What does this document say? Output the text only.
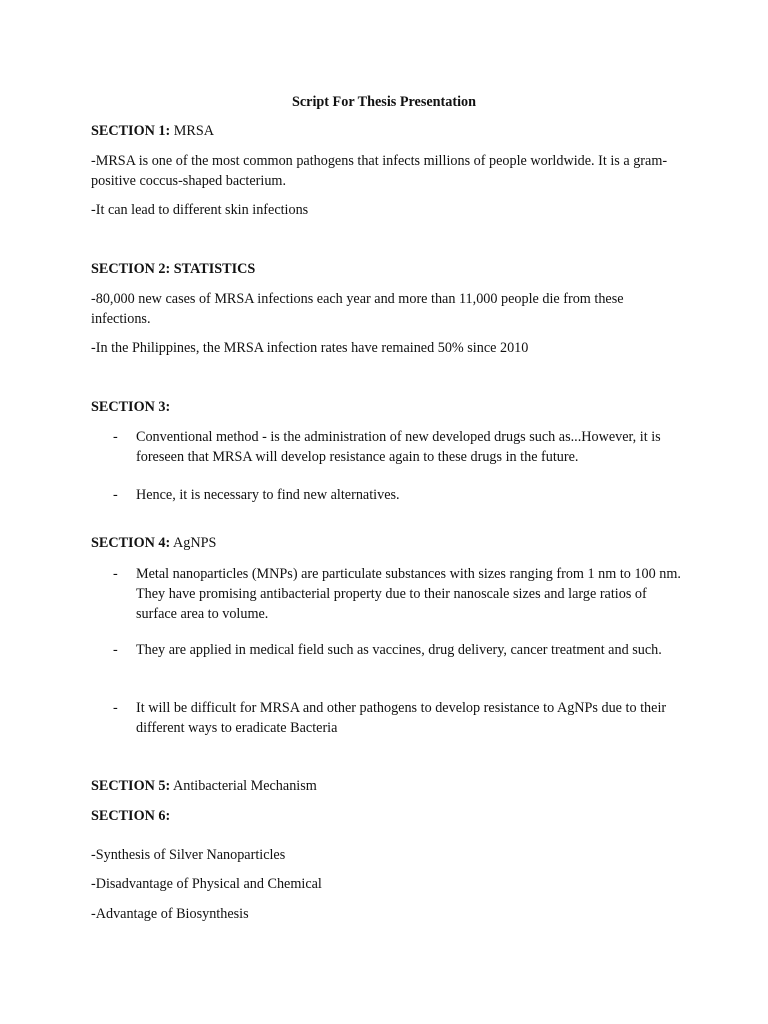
Script For Thesis Presentation
SECTION 1: MRSA
-MRSA is one of the most common pathogens that infects millions of people worldwide. It is a gram-positive coccus-shaped bacterium.
-It can lead to different skin infections
SECTION 2: STATISTICS
-80,000 new cases of MRSA infections each year and more than 11,000 people die from these infections.
-In the Philippines, the MRSA infection rates have remained 50% since 2010
SECTION 3:
- Conventional method - is the administration of new developed drugs such as...However, it is foreseen that MRSA will develop resistance again to these drugs in the future.
- Hence, it is necessary to find new alternatives.
SECTION 4: AgNPS
- Metal nanoparticles (MNPs) are particulate substances with sizes ranging from 1 nm to 100 nm. They have promising antibacterial property due to their nanoscale sizes and large ratios of surface area to volume.
- They are applied in medical field such as vaccines, drug delivery, cancer treatment and such.
- It will be difficult for MRSA and other pathogens to develop resistance to AgNPs due to their different ways to eradicate Bacteria
SECTION 5: Antibacterial Mechanism
SECTION 6:
-Synthesis of Silver Nanoparticles
-Disadvantage of Physical and Chemical
-Advantage of Biosynthesis
